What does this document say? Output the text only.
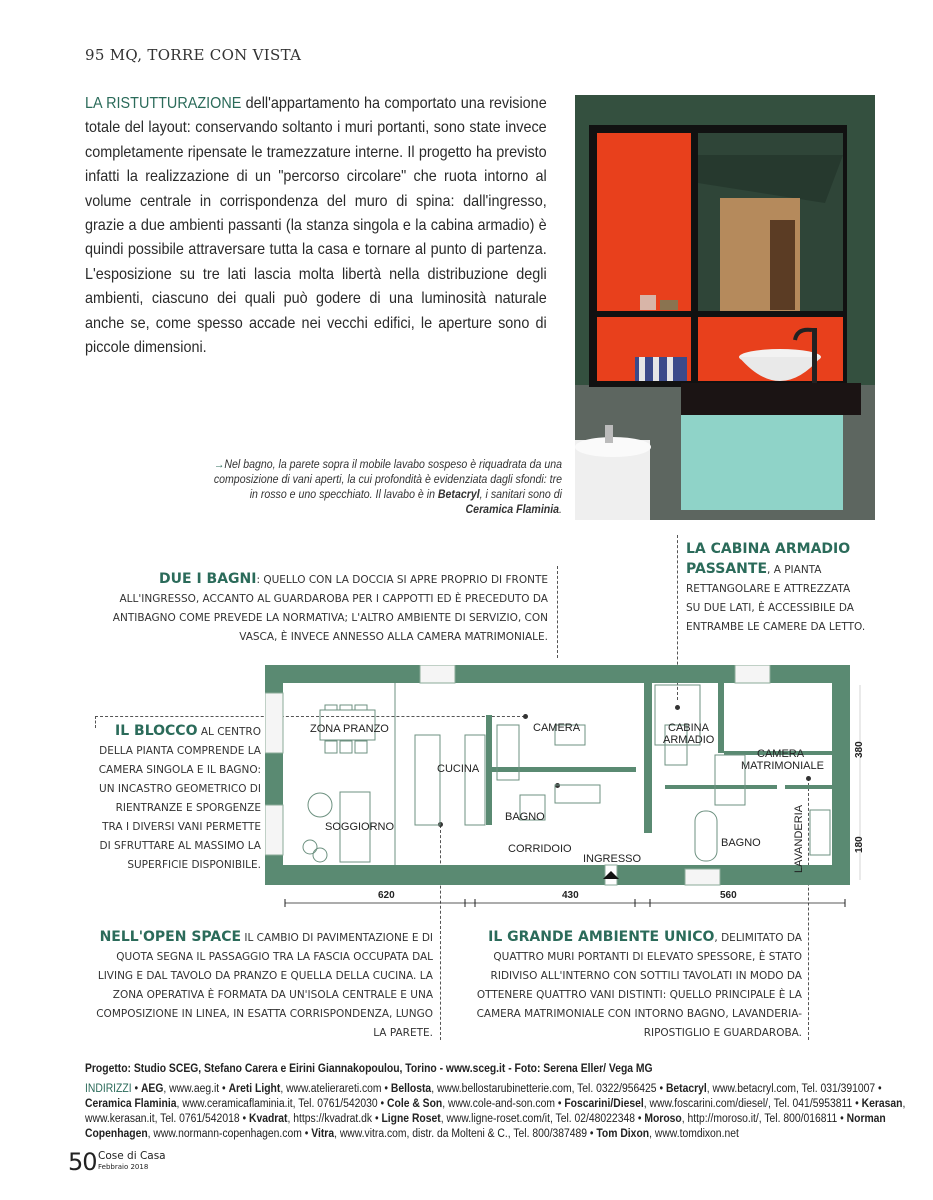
95 MQ, TORRE CON VISTA
LA RISTUTTURAZIONE dell'appartamento ha comportato una revisione totale del layout: conservando soltanto i muri portanti, sono state invece completamente ripensate le tramezzature interne. Il progetto ha previsto infatti la realizzazione di un "percorso circolare" che ruota intorno al volume centrale in corrispondenza del muro di spina: dall'ingresso, grazie a due ambienti passanti (la stanza singola e la cabina armadio) è quindi possibile attraversare tutta la casa e tornare al punto di partenza. L'esposizione su tre lati lascia molta libertà nella distribuzione degli ambienti, ciascuno dei quali può godere di una luminosità naturale anche se, come spesso accade nei vecchi edifici, le aperture sono di piccole dimensioni.
→Nel bagno, la parete sopra il mobile lavabo sospeso è riquadrata da una composizione di vani aperti, la cui profondità è evidenziata dagli sfondi: tre in rosso e uno specchiato. Il lavabo è in Betacryl, i sanitari sono di Ceramica Flaminia.
DUE I BAGNI: QUELLO CON LA DOCCIA SI APRE PROPRIO DI FRONTE ALL'INGRESSO, ACCANTO AL GUARDAROBA PER I CAPPOTTI ED È PRECEDUTO DA ANTIBAGNO COME PREVEDE LA NORMATIVA; L'ALTRO AMBIENTE DI SERVIZIO, CON VASCA, È INVECE ANNESSO ALLA CAMERA MATRIMONIALE.
LA CABINA ARMADIO PASSANTE, A PIANTA RETTANGOLARE E ATTREZZATA SU DUE LATI, È ACCESSIBILE DA ENTRAMBE LE CAMERE DA LETTO.
IL BLOCCO AL CENTRO DELLA PIANTA COMPRENDE LA CAMERA SINGOLA E IL BAGNO: UN INCASTRO GEOMETRICO DI RIENTRANZE E SPORGENZE TRA I DIVERSI VANI PERMETTE DI SFRUTTARE AL MASSIMO LA SUPERFICIE DISPONIBILE.
NELL'OPEN SPACE IL CAMBIO DI PAVIMENTAZIONE E DI QUOTA SEGNA IL PASSAGGIO TRA LA FASCIA OCCUPATA DAL LIVING E DAL TAVOLO DA PRANZO E QUELLA DELLA CUCINA. LA ZONA OPERATIVA È FORMATA DA UN'ISOLA CENTRALE E UNA COMPOSIZIONE IN LINEA, IN ESATTA CORRISPONDENZA, LUNGO LA PARETE.
IL GRANDE AMBIENTE UNICO, DELIMITATO DA QUATTRO MURI PORTANTI DI ELEVATO SPESSORE, È STATO RIDIVISO ALL'INTERNO CON SOTTILI TAVOLATI IN MODO DA OTTENERE QUATTRO VANI DISTINTI: QUELLO PRINCIPALE È LA CAMERA MATRIMONIALE CON INTORNO BAGNO, LAVANDERIA-RIPOSTIGLIO E GUARDAROBA.
ZONA PRANZO
CUCINA
SOGGIORNO
CAMERA
BAGNO
CORRIDOIO
INGRESSO
CABINA
ARMADIO
CAMERA
MATRIMONIALE
BAGNO	LAVANDERIA
620	430	560
380
180
Progetto: Studio SCEG, Stefano Carera e Eirini Giannakopoulou, Torino - www.sceg.it - Foto: Serena Eller/ Vega MG
INDIRIZZI • AEG, www.aeg.it • Areti Light, www.atelierareti.com • Bellosta, www.bellostarubinetterie.com, Tel. 0322/956425 • Betacryl, www.betacryl.com, Tel. 031/391007 • Ceramica Flaminia, www.ceramicaflaminia.it, Tel. 0761/542030 • Cole & Son, www.cole-and-son.com • Foscarini/Diesel, www.foscarini.com/diesel/, Tel. 041/5953811 • Kerasan, www.kerasan.it, Tel. 0761/542018 • Kvadrat, https://kvadrat.dk • Ligne Roset, www.ligne-roset.com/it, Tel. 02/48022348 • Moroso, http://moroso.it/, Tel. 800/016811 • Norman Copenhagen, www.normann-copenhagen.com • Vitra, www.vitra.com, distr. da Molteni & C., Tel. 800/387489 • Tom Dixon, www.tomdixon.net
50 Cose di Casa
Febbraio 2018
